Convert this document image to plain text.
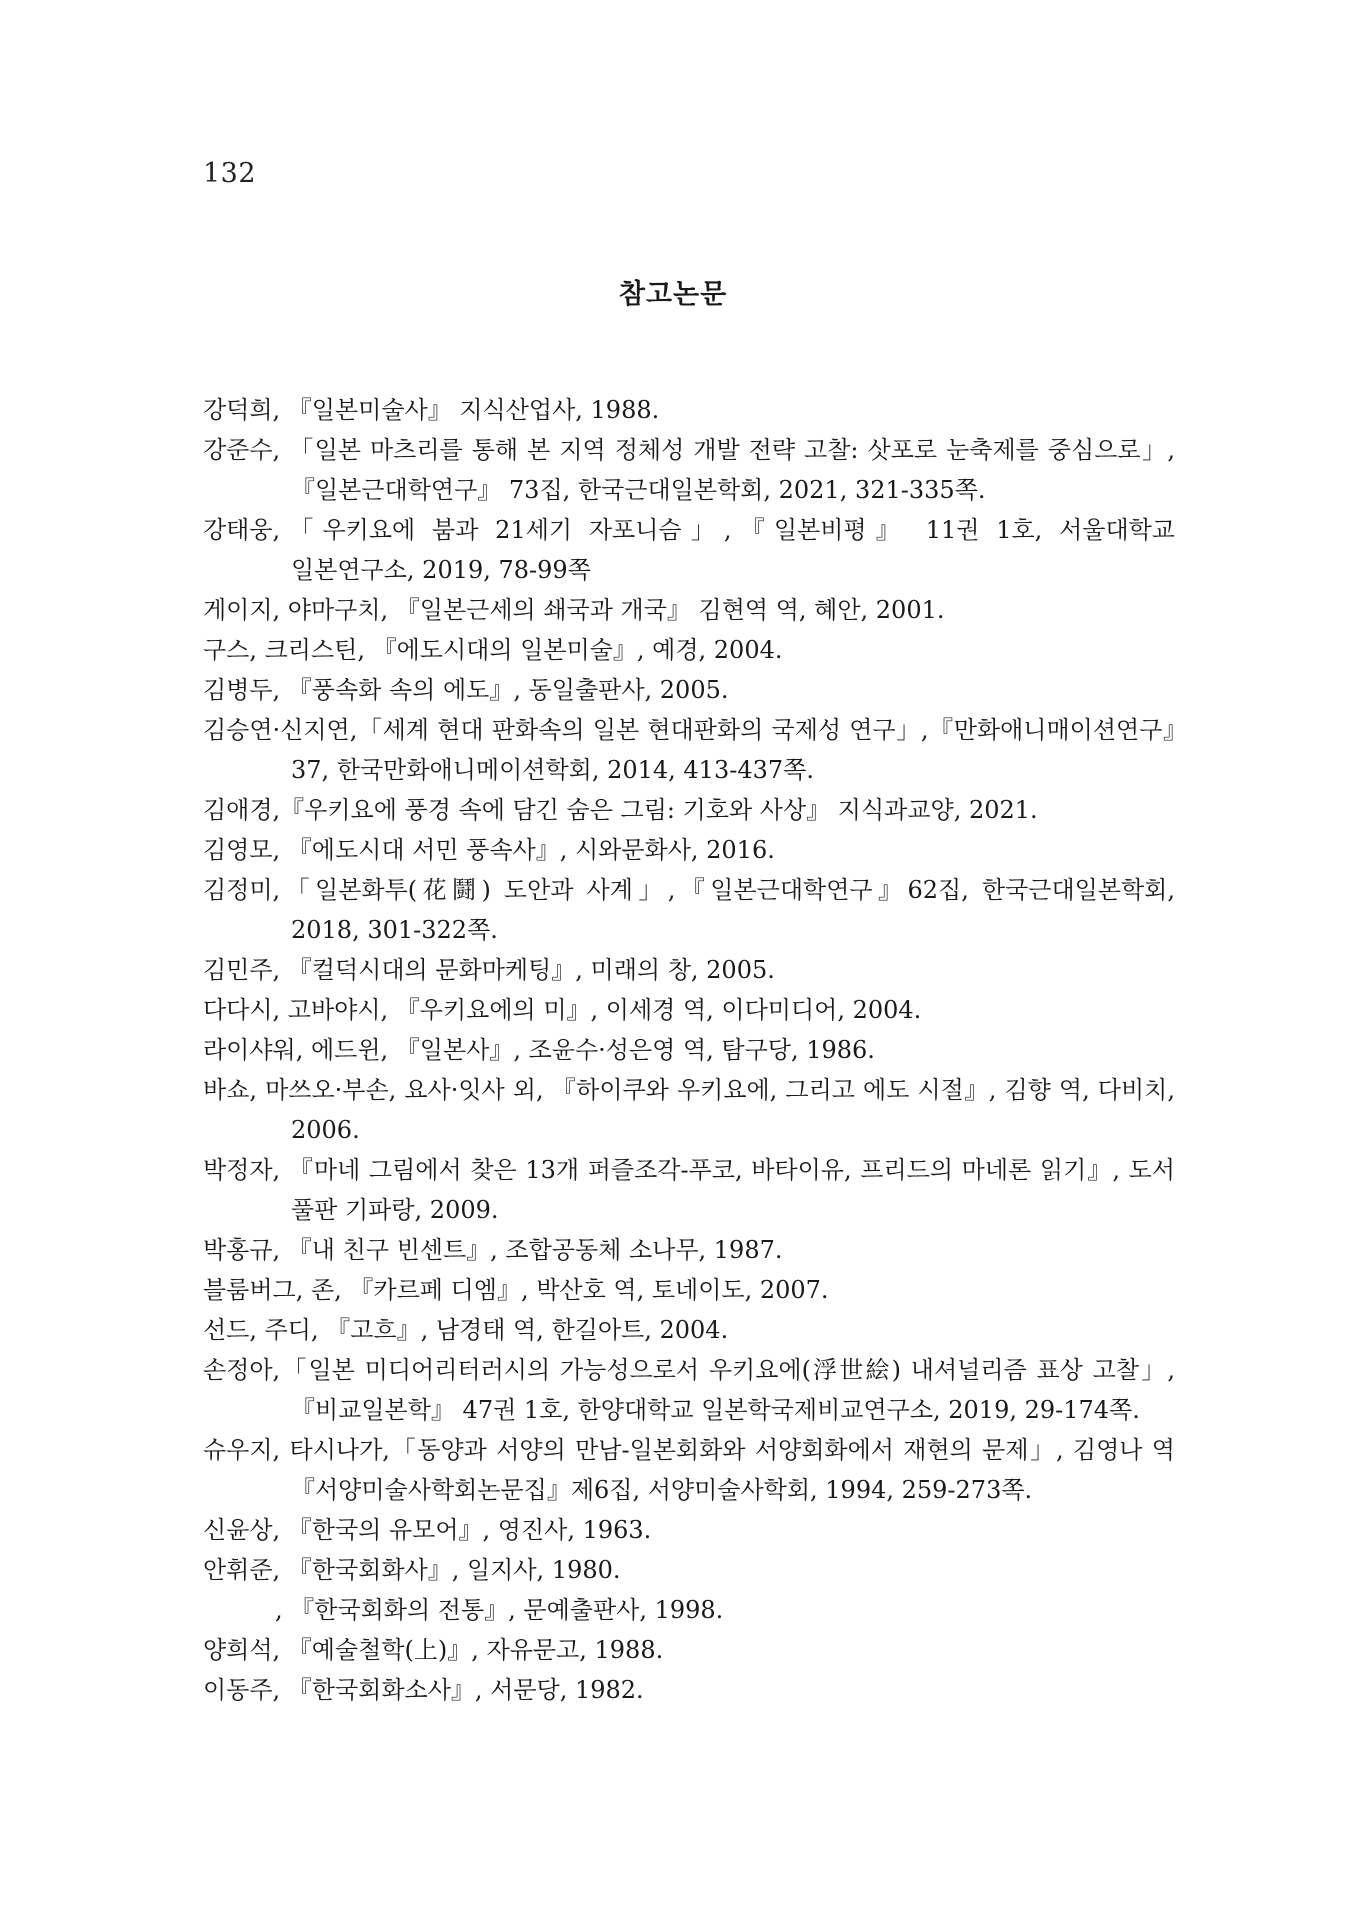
132
참고논문
강덕희, 『일본미술사』 지식산업사, 1988.
강준수, 「일본 마츠리를 통해 본 지역 정체성 개발 전략 고찰: 삿포로 눈축제를 중심으로」, 『일본근대학연구』 73집, 한국근대일본학회, 2021, 321-335쪽.
강태웅,「우키요에 붐과 21세기 자포니슴」,『일본비평』 11권 1호, 서울대학교 일본연구소, 2019, 78-99쪽
게이지, 야마구치, 『일본근세의 쇄국과 개국』 김현역 역, 혜안, 2001.
구스, 크리스틴, 『에도시대의 일본미술』, 예경, 2004.
김병두, 『풍속화 속의 에도』, 동일출판사, 2005.
김승연·신지연,「세계 현대 판화속의 일본 현대판화의 국제성 연구」,『만화애니매이션연구』37, 한국만화애니메이션학회, 2014, 413-437쪽.
김애경,『우키요에 풍경 속에 담긴 숨은 그림: 기호와 사상』 지식과교양, 2021.
김영모, 『에도시대 서민 풍속사』, 시와문화사, 2016.
김정미,「일본화투(花鬪) 도안과 사계」,『일본근대학연구』62집, 한국근대일본학회, 2018, 301-322쪽.
김민주, 『컬덕시대의 문화마케팅』, 미래의 창, 2005.
다다시, 고바야시, 『우키요에의 미』, 이세경 역, 이다미디어, 2004.
라이샤워, 에드윈, 『일본사』, 조윤수·성은영 역, 탐구당, 1986.
바쇼, 마쓰오·부손, 요사·잇사 외, 『하이쿠와 우키요에, 그리고 에도 시절』, 김향 역, 다비치, 2006.
박정자, 『마네 그림에서 찾은 13개 퍼즐조각-푸코, 바타이유, 프리드의 마네론 읽기』, 도서 풀판 기파랑, 2009.
박홍규, 『내 친구 빈센트』, 조합공동체 소나무, 1987.
블룸버그, 존, 『카르페 디엠』, 박산호 역, 토네이도, 2007.
선드, 주디, 『고흐』, 남경태 역, 한길아트, 2004.
손정아,「일본 미디어리터러시의 가능성으로서 우키요에(浮世絵) 내셔널리즘 표상 고찰」, 『비교일본학』 47권 1호, 한양대학교 일본학국제비교연구소, 2019, 29-174쪽.
슈우지, 타시나가,「동양과 서양의 만남-일본회화와 서양회화에서 재현의 문제」, 김영나 역 『서양미술사학회논문집』제6집, 서양미술사학회, 1994, 259-273쪽.
신윤상, 『한국의 유모어』, 영진사, 1963.
안휘준, 『한국회화사』, 일지사, 1980.
　　　, 『한국회화의 전통』, 문예출판사, 1998.
양희석, 『예술철학(上)』, 자유문고, 1988.
이동주, 『한국회화소사』, 서문당, 1982.
